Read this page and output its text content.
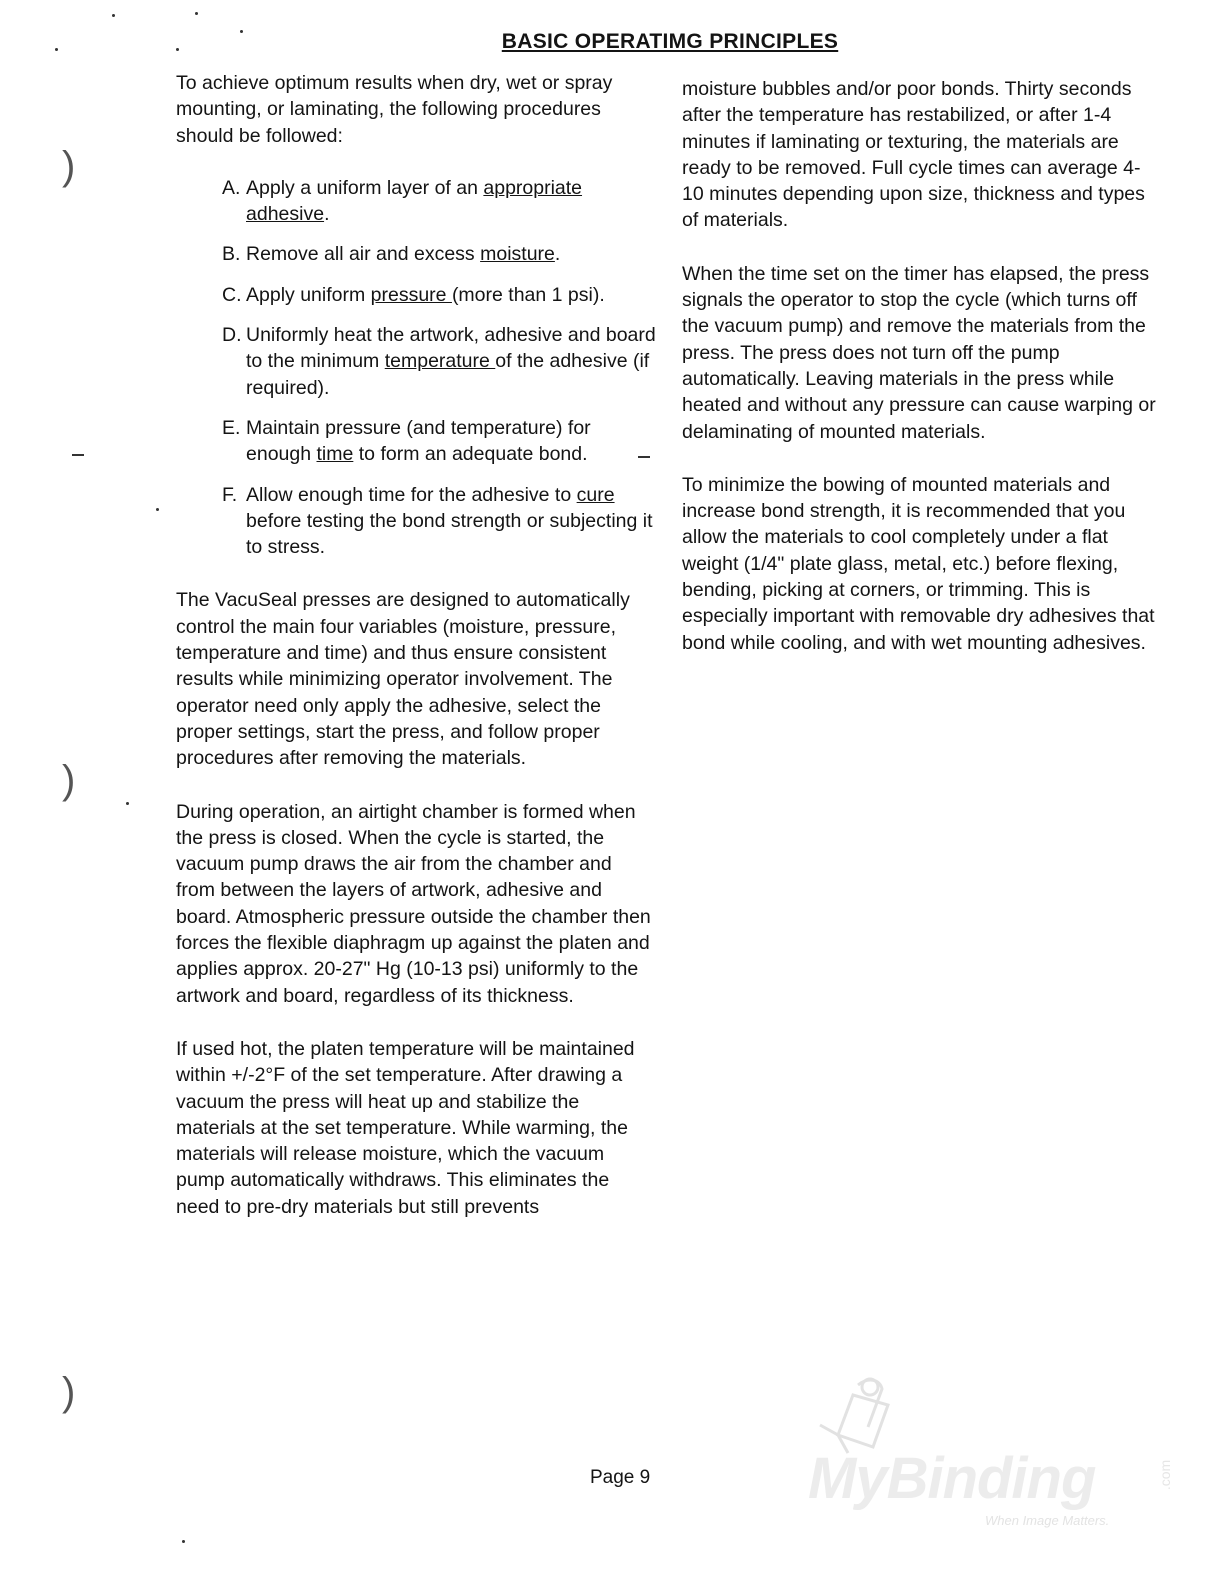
BASIC OPERATIMG PRINCIPLES
)
)
)

To achieve optimum results when dry, wet or spray mounting, or laminating, the following procedures should be followed:

A. Apply a uniform layer of an appropriate adhesive.
B. Remove all air and excess moisture.
C. Apply uniform pressure (more than 1 psi).
D. Uniformly heat the artwork, adhesive and board to the minimum temperature of the adhesive (if required).
E. Maintain pressure (and temperature) for enough time to form an adequate bond.
F. Allow enough time for the adhesive to cure before testing the bond strength or subjecting it to stress.

The VacuSeal presses are designed to automatically control the main four variables (moisture, pressure, temperature and time) and thus ensure consistent results while minimizing operator involvement. The operator need only apply the adhesive, select the proper settings, start the press, and follow proper procedures after removing the materials.

During operation, an airtight chamber is formed when the press is closed. When the cycle is started, the vacuum pump draws the air from the chamber and from between the layers of artwork, adhesive and board. Atmospheric pressure outside the chamber then forces the flexible diaphragm up against the platen and applies approx. 20-27" Hg (10-13 psi) uniformly to the artwork and board, regardless of its thickness.

If used hot, the platen temperature will be maintained within +/-2°F of the set temperature. After drawing a vacuum the press will heat up and stabilize the materials at the set temperature. While warming, the materials will release moisture, which the vacuum pump automatically withdraws. This eliminates the need to pre-dry materials but still prevents

moisture bubbles and/or poor bonds. Thirty seconds after the temperature has restabilized, or after 1-4 minutes if laminating or texturing, the materials are ready to be removed. Full cycle times can average 4-10 minutes depending upon size, thickness and types of materials.

When the time set on the timer has elapsed, the press signals the operator to stop the cycle (which turns off the vacuum pump) and remove the materials from the press. The press does not turn off the pump automatically. Leaving materials in the press while heated and without any pressure can cause warping or delaminating of mounted materials.

To minimize the bowing of mounted materials and increase bond strength, it is recommended that you allow the materials to cool completely under a flat weight (1/4" plate glass, metal, etc.) before flexing, bending, picking at corners, or trimming. This is especially important with removable dry adhesives that bond while cooling, and with wet mounting adhesives.

Page 9	MyBinding	.com
When Image Matters.
